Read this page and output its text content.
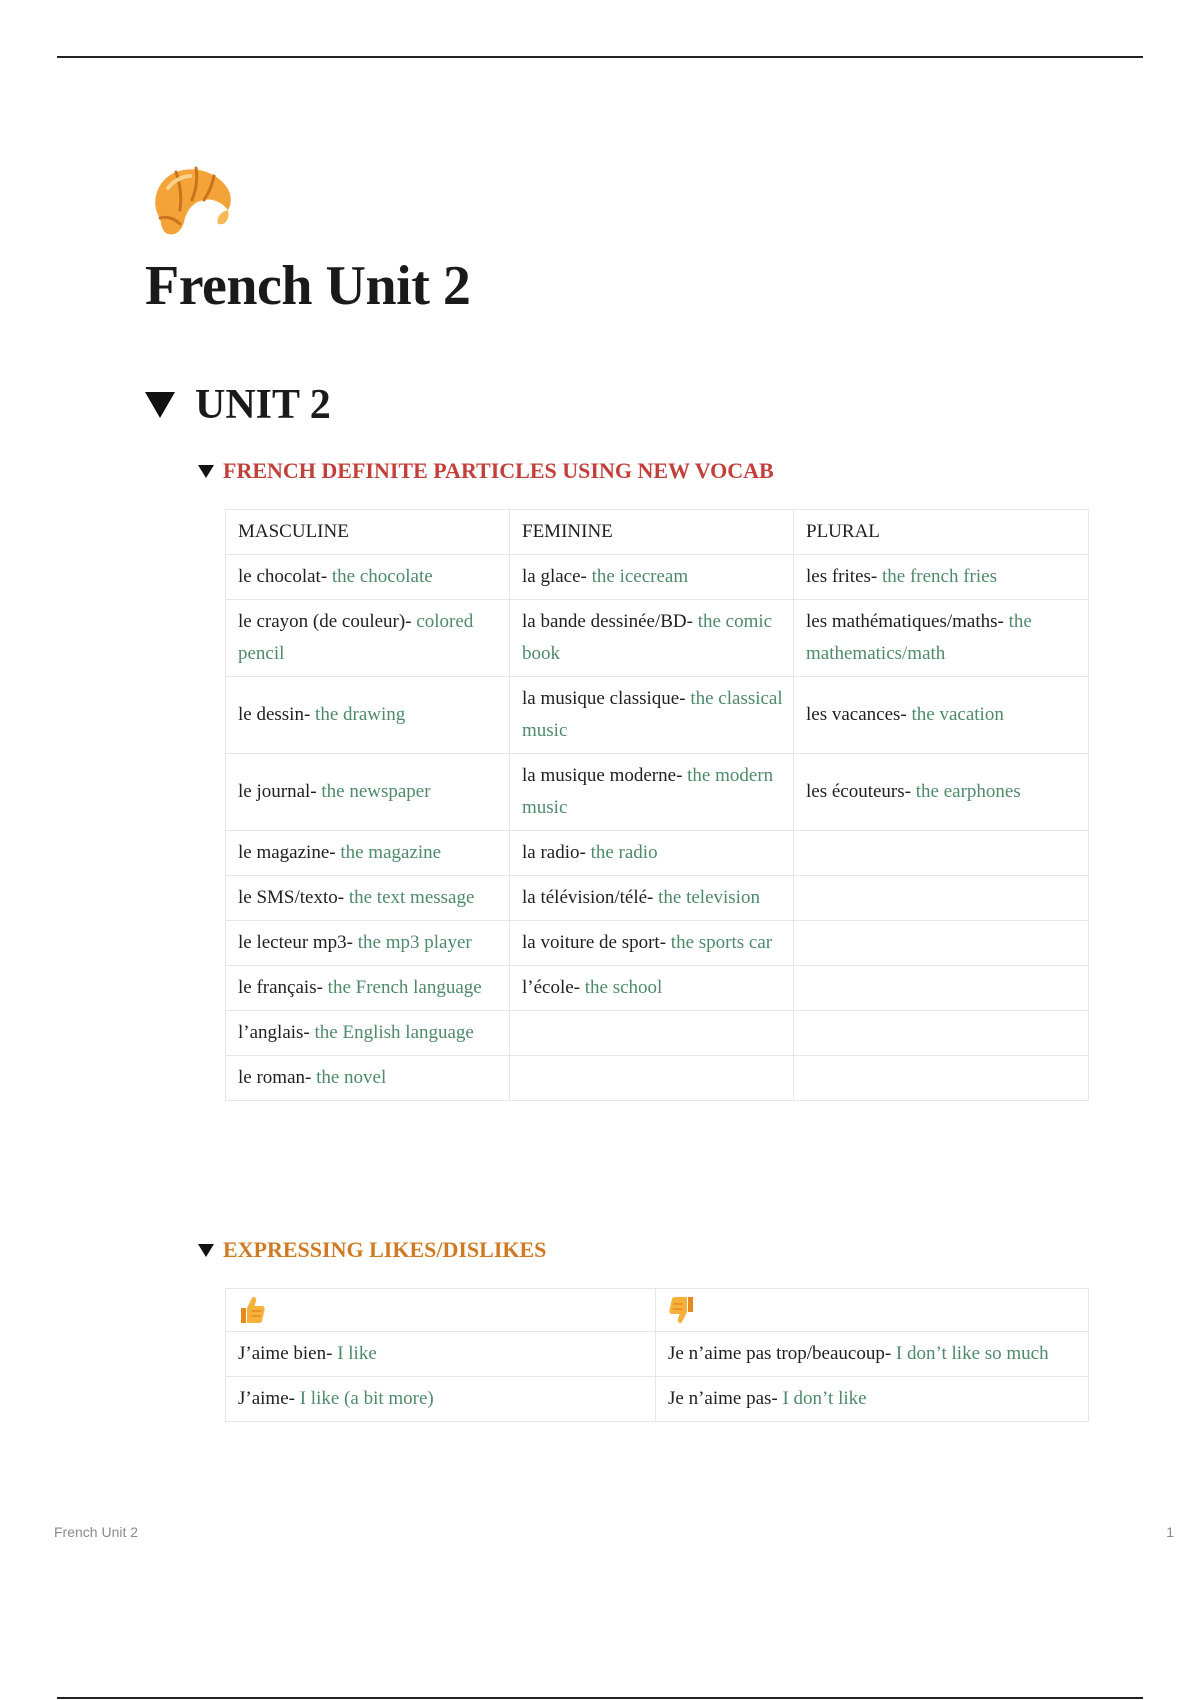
French Unit 2
UNIT 2
FRENCH DEFINITE PARTICLES USING NEW VOCAB
MASCULINE	FEMININE	PLURAL
le chocolat- the chocolate	la glace- the icecream	les frites- the french fries
le crayon (de couleur)- colored pencil	la bande dessinée/BD- the comic book	les mathématiques/maths- the mathematics/math
le dessin- the drawing	la musique classique- the classical music	les vacances- the vacation
le journal- the newspaper	la musique moderne- the modern music	les écouteurs- the earphones
le magazine- the magazine	la radio- the radio	
le SMS/texto- the text message	la télévision/télé- the television	
le lecteur mp3- the mp3 player	la voiture de sport- the sports car	
le français- the French language	l’école- the school	
l’anglais- the English language		
le roman- the novel		
EXPRESSING LIKES/DISLIKES

J’aime bien- I like	Je n’aime pas trop/beaucoup- I don’t like so much
J’aime- I like (a bit more)	Je n’aime pas- I don’t like
French Unit 2	1
